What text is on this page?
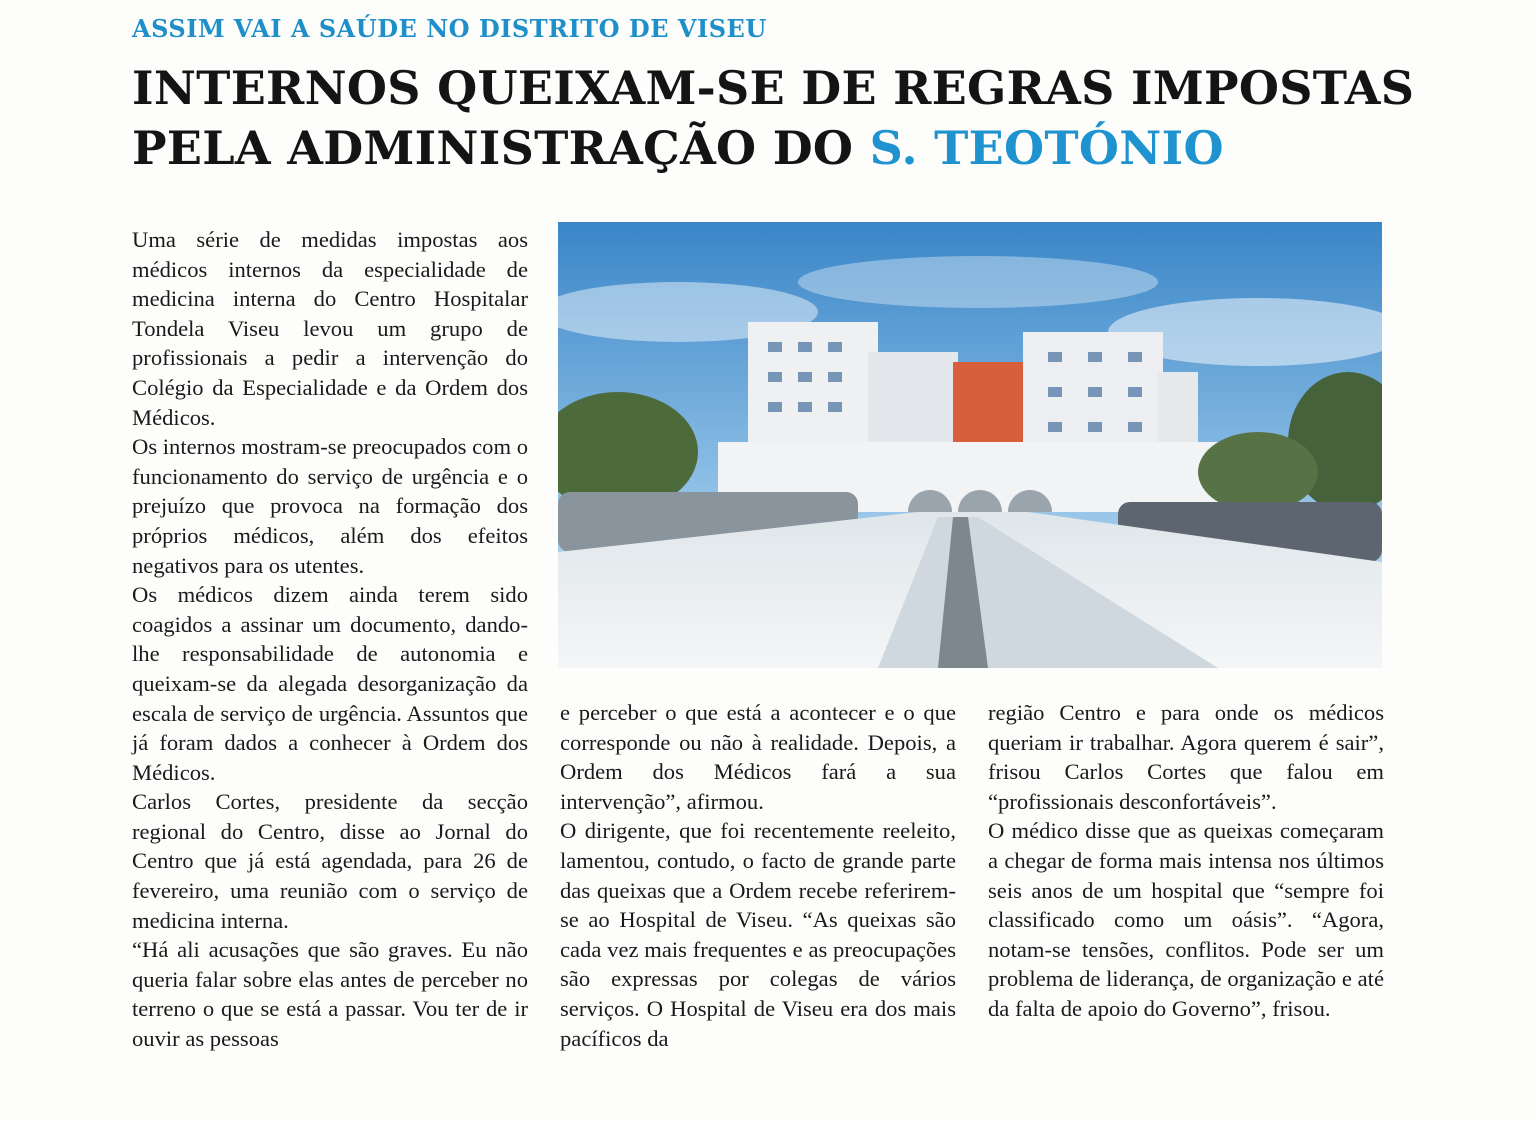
ASSIM VAI A SAÚDE NO DISTRITO DE VISEU
INTERNOS QUEIXAM-SE DE REGRAS IMPOSTAS
PELA ADMINISTRAÇÃO DO S. TEOTÓNIO

Uma série de medidas impostas aos médicos internos da especialidade de medicina interna do Centro Hospitalar Tondela Viseu levou um grupo de profissionais a pedir a intervenção do Colégio da Especialidade e da Ordem dos Médicos.

Os internos mostram-se preocupados com o funcionamento do serviço de urgência e o prejuízo que provoca na formação dos próprios médicos, além dos efeitos negativos para os utentes.

Os médicos dizem ainda terem sido coagidos a assinar um documento, dando-lhe responsabilidade de autonomia e queixam-se da alegada desorganização da escala de serviço de urgência. Assuntos que já foram dados a conhecer à Ordem dos Médicos.

Carlos Cortes, presidente da secção regional do Centro, disse ao Jornal do Centro que já está agendada, para 26 de fevereiro, uma reunião com o serviço de medicina interna.

“Há ali acusações que são graves. Eu não queria falar sobre elas antes de perceber no terreno o que se está a passar. Vou ter de ir ouvir as pessoas

e perceber o que está a acontecer e o que corresponde ou não à realidade. Depois, a Ordem dos Médicos fará a sua intervenção”, afirmou.

O dirigente, que foi recentemente reeleito, lamentou, contudo, o facto de grande parte das queixas que a Ordem recebe referirem-se ao Hospital de Viseu. “As queixas são cada vez mais frequentes e as preocupações são expressas por colegas de vários serviços. O Hospital de Viseu era dos mais pacíficos da

região Centro e para onde os médicos queriam ir trabalhar. Agora querem é sair”, frisou Carlos Cortes que falou em “profissionais desconfortáveis”.

O médico disse que as queixas começaram a chegar de forma mais intensa nos últimos seis anos de um hospital que “sempre foi classificado como um oásis”. “Agora, notam-se tensões, conflitos. Pode ser um problema de liderança, de organização e até da falta de apoio do Governo”, frisou.
